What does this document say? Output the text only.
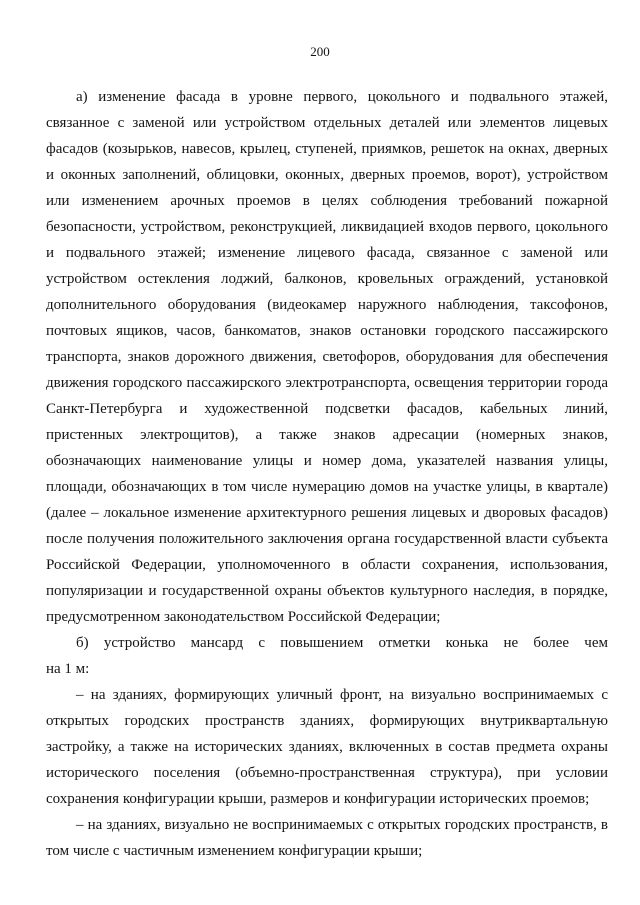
200
а) изменение фасада в уровне первого, цокольного и подвального этажей,
связанное с заменой или устройством отдельных деталей или элементов лицевых
фасадов (козырьков, навесов, крылец, ступеней, приямков, решеток на окнах, дверных
и оконных заполнений, облицовки, оконных, дверных проемов, ворот), устройством
или изменением арочных проемов в целях соблюдения требований пожарной
безопасности, устройством, реконструкцией, ликвидацией входов первого, цокольного
и подвального этажей; изменение лицевого фасада, связанное с заменой или
устройством остекления лоджий, балконов, кровельных ограждений, установкой
дополнительного оборудования (видеокамер наружного наблюдения, таксофонов,
почтовых ящиков, часов, банкоматов, знаков остановки городского пассажирского
транспорта, знаков дорожного движения, светофоров, оборудования для обеспечения
движения городского пассажирского электротранспорта, освещения территории города
Санкт-Петербурга и художественной подсветки фасадов, кабельных линий,
пристенных электрощитов), а также знаков адресации (номерных знаков,
обозначающих наименование улицы и номер дома, указателей названия улицы,
площади, обозначающих в том числе нумерацию домов на участке улицы, в квартале)
(далее – локальное изменение архитектурного решения лицевых и дворовых фасадов)
после получения положительного заключения органа государственной власти субъекта
Российской Федерации, уполномоченного в области сохранения, использования,
популяризации и государственной охраны объектов культурного наследия, в порядке,
предусмотренном законодательством Российской Федерации;
б) устройство мансард с повышением отметки конька не более чем
на 1 м:
– на зданиях, формирующих уличный фронт, на визуально воспринимаемых с
открытых городских пространств зданиях, формирующих внутриквартальную
застройку, а также на исторических зданиях, включенных в состав предмета охраны
исторического поселения (объемно-пространственная структура), при условии
сохранения конфигурации крыши, размеров и конфигурации исторических проемов;
– на зданиях, визуально не воспринимаемых с открытых городских пространств, в
том числе с частичным изменением конфигурации крыши;
